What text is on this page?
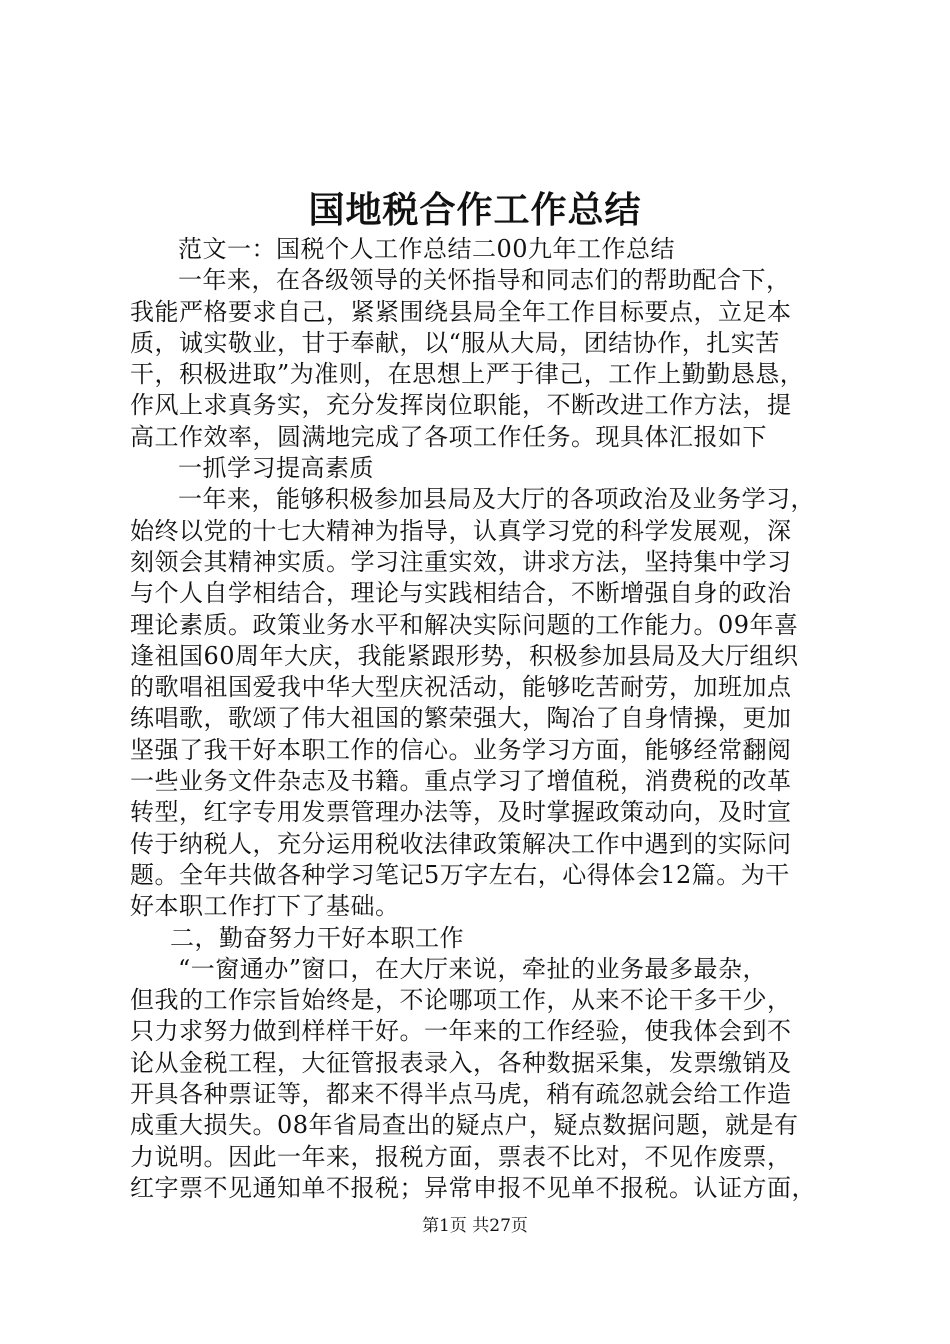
国地税合作工作总结
范文一：国税个人工作总结二00九年工作总结
一年来，在各级领导的关怀指导和同志们的帮助配合下，
我能严格要求自己，紧紧围绕县局全年工作目标要点，立足本
质，诚实敬业，甘于奉献，以“服从大局，团结协作，扎实苦
干，积极进取”为准则，在思想上严于律己，工作上勤勤恳恳，
作风上求真务实，充分发挥岗位职能，不断改进工作方法，提
高工作效率，圆满地完成了各项工作任务。现具体汇报如下
一抓学习提高素质
一年来，能够积极参加县局及大厅的各项政治及业务学习，
始终以党的十七大精神为指导，认真学习党的科学发展观，深
刻领会其精神实质。学习注重实效，讲求方法，坚持集中学习
与个人自学相结合，理论与实践相结合，不断增强自身的政治
理论素质。政策业务水平和解决实际问题的工作能力。09年喜
逢祖国60周年大庆，我能紧跟形势，积极参加县局及大厅组织
的歌唱祖国爱我中华大型庆祝活动，能够吃苦耐劳，加班加点
练唱歌，歌颂了伟大祖国的繁荣强大，陶冶了自身情操，更加
坚强了我干好本职工作的信心。业务学习方面，能够经常翻阅
一些业务文件杂志及书籍。重点学习了增值税，消费税的改革
转型，红字专用发票管理办法等，及时掌握政策动向，及时宣
传于纳税人，充分运用税收法律政策解决工作中遇到的实际问
题。全年共做各种学习笔记5万字左右，心得体会12篇。为干
好本职工作打下了基础。
二，勤奋努力干好本职工作
“一窗通办”窗口，在大厅来说，牵扯的业务最多最杂，
但我的工作宗旨始终是，不论哪项工作，从来不论干多干少，
只力求努力做到样样干好。一年来的工作经验，使我体会到不
论从金税工程，大征管报表录入，各种数据采集，发票缴销及
开具各种票证等，都来不得半点马虎，稍有疏忽就会给工作造
成重大损失。08年省局查出的疑点户，疑点数据问题，就是有
力说明。因此一年来，报税方面，票表不比对，不见作废票，
红字票不见通知单不报税；异常申报不见单不报税。认证方面，
第1页 共27页
